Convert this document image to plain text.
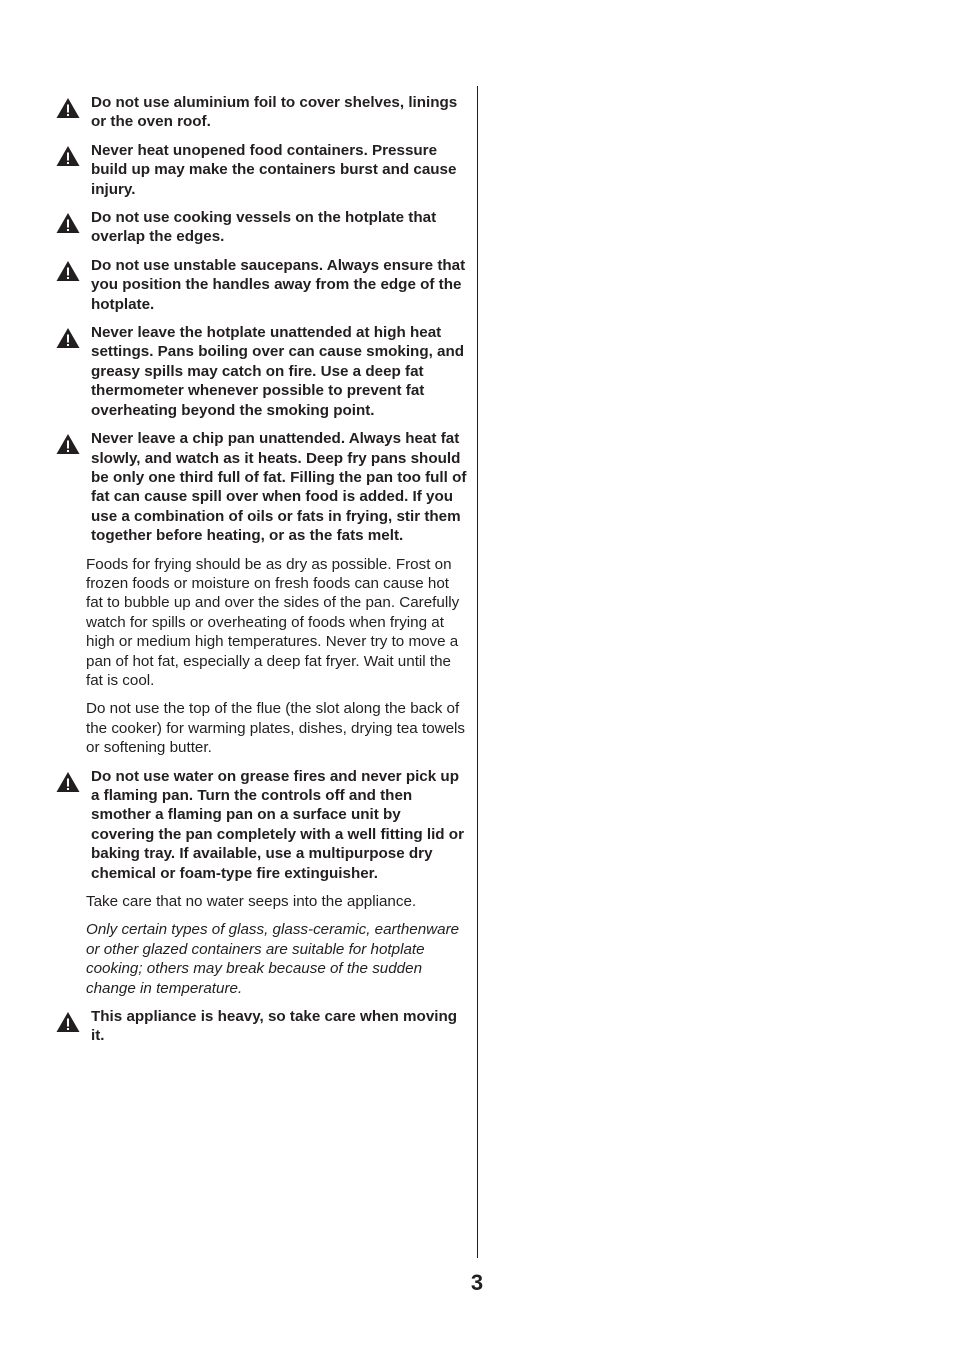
Do not use aluminium foil to cover shelves, linings or the oven roof.
Never heat unopened food containers. Pressure build up may make the containers burst and cause injury.
Do not use cooking vessels on the hotplate that overlap the edges.
Do not use unstable saucepans. Always ensure that you position the handles away from the edge of the hotplate.
Never leave the hotplate unattended at high heat settings. Pans boiling over can cause smoking, and greasy spills may catch on fire. Use a deep fat thermometer whenever possible to prevent fat overheating beyond the smoking point.
Never leave a chip pan unattended. Always heat fat slowly, and watch as it heats. Deep fry pans should be only one third full of fat. Filling the pan too full of fat can cause spill over when food is added. If you use a combination of oils or fats in frying, stir them together before heating, or as the fats melt.
Foods for frying should be as dry as possible. Frost on frozen foods or moisture on fresh foods can cause hot fat to bubble up and over the sides of the pan. Carefully watch for spills or overheating of foods when frying at high or medium high temperatures. Never try to move a pan of hot fat, especially a deep fat fryer. Wait until the fat is cool.
Do not use the top of the flue (the slot along the back of the cooker) for warming plates, dishes, drying tea towels or softening butter.
Do not use water on grease fires and never pick up a flaming pan. Turn the controls off and then smother a flaming pan on a surface unit by covering the pan completely with a well fitting lid or baking tray. If available, use a multipurpose dry chemical or foam-type fire extinguisher.
Take care that no water seeps into the appliance.
Only certain types of glass, glass-ceramic, earthenware or other glazed containers are suitable for hotplate cooking; others may break because of the sudden change in temperature.
This appliance is heavy, so take care when moving it.
3
